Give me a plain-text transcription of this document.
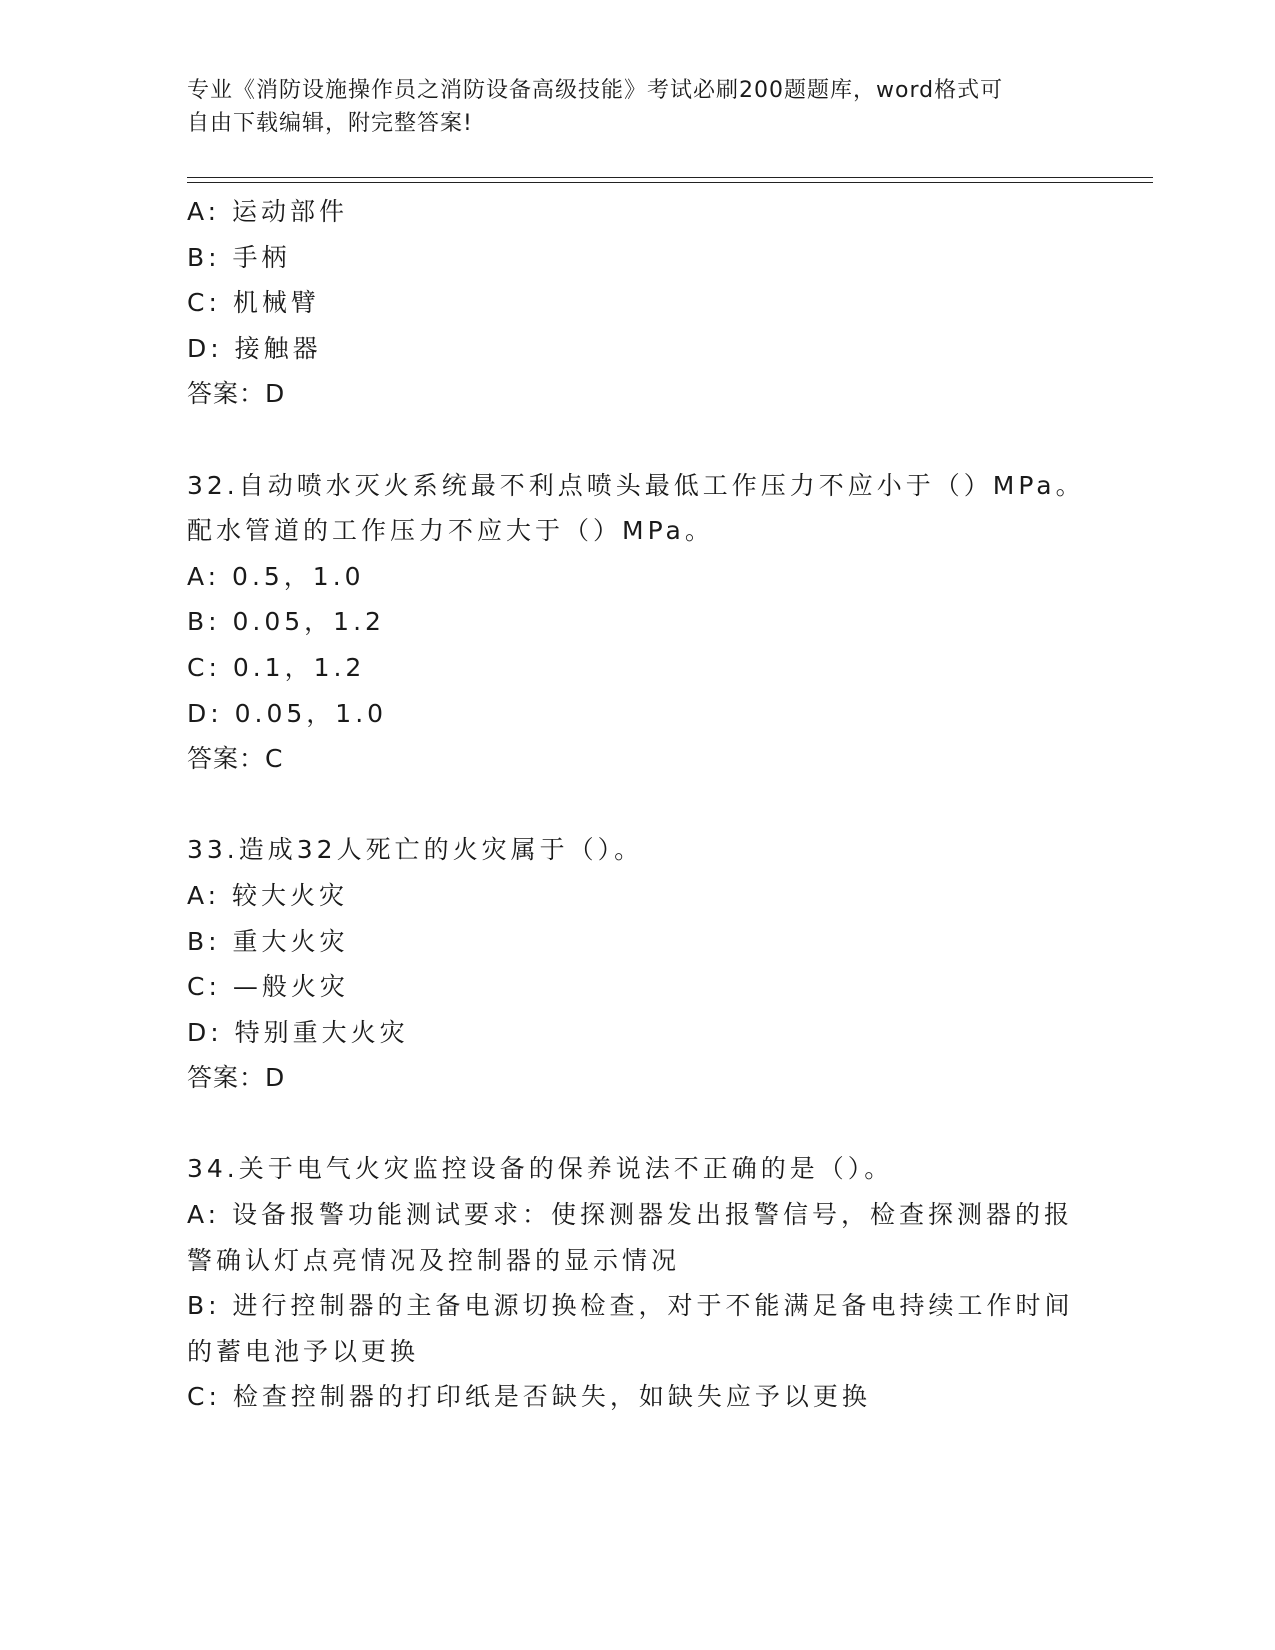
专业《消防设施操作员之消防设备高级技能》考试必刷200题题库，word格式可
自由下载编辑，附完整答案!
A: 运动部件
B: 手柄
C: 机械臂
D: 接触器
答案：D
32.自动喷水灭火系统最不利点喷头最低工作压力不应小于（）MPa。
配水管道的工作压力不应大于（）MPa。
A: 0.5，1.0
B: 0.05，1.2
C: 0.1，1.2
D: 0.05，1.0
答案：C
33.造成32人死亡的火灾属于（）。
A: 较大火灾
B: 重大火灾
C: —般火灾
D: 特别重大火灾
答案：D
34.关于电气火灾监控设备的保养说法不正确的是（）。
A: 设备报警功能测试要求：使探测器发出报警信号，检查探测器的报
警确认灯点亮情况及控制器的显示情况
B: 进行控制器的主备电源切换检查，对于不能满足备电持续工作时间
的蓄电池予以更换
C: 检查控制器的打印纸是否缺失，如缺失应予以更换
